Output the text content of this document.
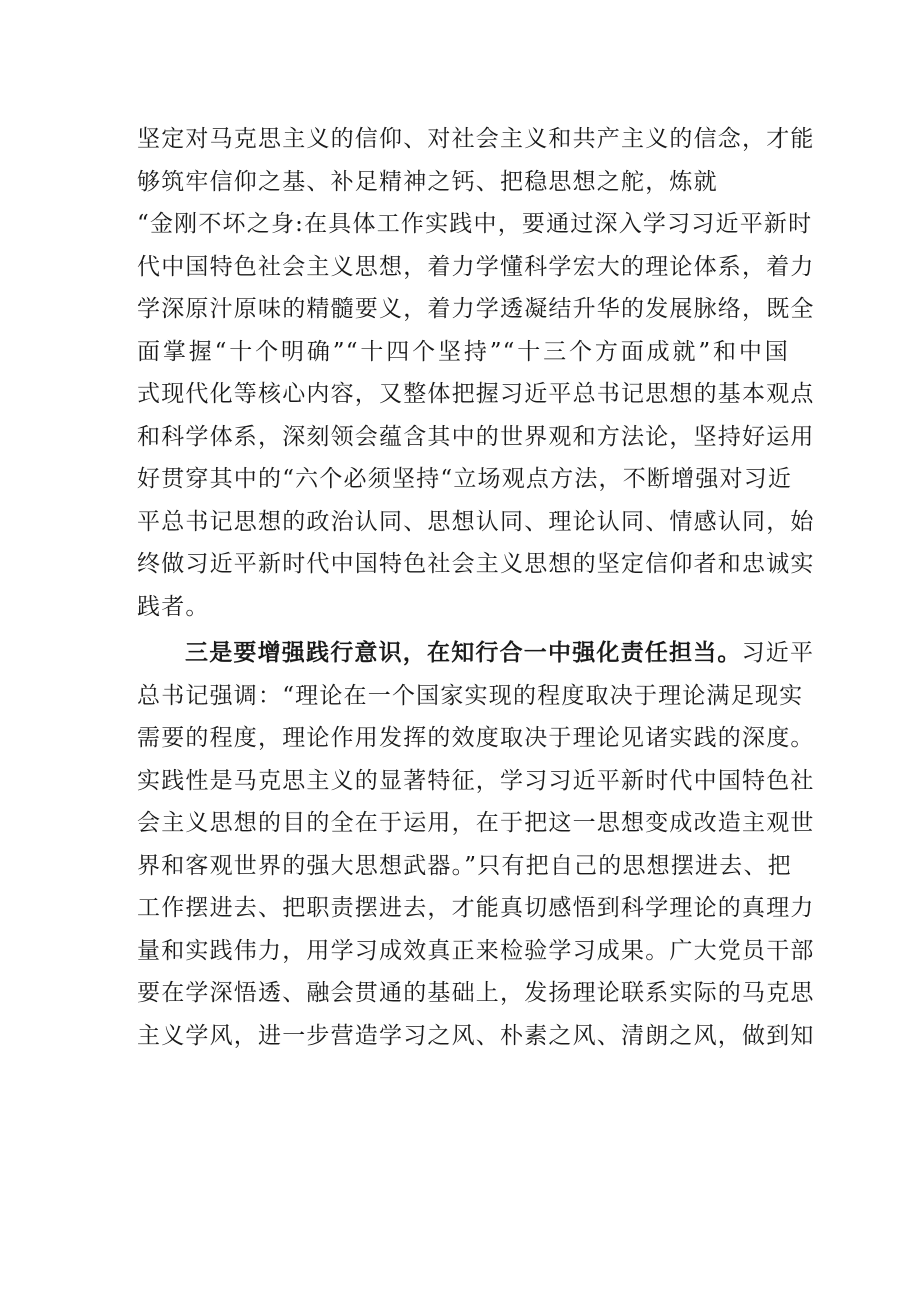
坚定对马克思主义的信仰、对社会主义和共产主义的信念，才能
够筑牢信仰之基、补足精神之钙、把稳思想之舵，炼就
“金刚不坏之身:在具体工作实践中，要通过深入学习习近平新时
代中国特色社会主义思想，着力学懂科学宏大的理论体系，着力
学深原汁原味的精髓要义，着力学透凝结升华的发展脉络，既全
面掌握“十个明确”“十四个坚持”“十三个方面成就”和中国
式现代化等核心内容，又整体把握习近平总书记思想的基本观点
和科学体系，深刻领会蕴含其中的世界观和方法论，坚持好运用
好贯穿其中的“六个必须坚持“立场观点方法，不断增强对习近
平总书记思想的政治认同、思想认同、理论认同、情感认同，始
终做习近平新时代中国特色社会主义思想的坚定信仰者和忠诚实
践者。
三是要增强践行意识，在知行合一中强化责任担当。习近平
总书记强调：“理论在一个国家实现的程度取决于理论满足现实
需要的程度，理论作用发挥的效度取决于理论见诸实践的深度。
实践性是马克思主义的显著特征，学习习近平新时代中国特色社
会主义思想的目的全在于运用，在于把这一思想变成改造主观世
界和客观世界的强大思想武器。”只有把自己的思想摆进去、把
工作摆进去、把职责摆进去，才能真切感悟到科学理论的真理力
量和实践伟力，用学习成效真正来检验学习成果。广大党员干部
要在学深悟透、融会贯通的基础上，发扬理论联系实际的马克思
主义学风，进一步营造学习之风、朴素之风、清朗之风，做到知
